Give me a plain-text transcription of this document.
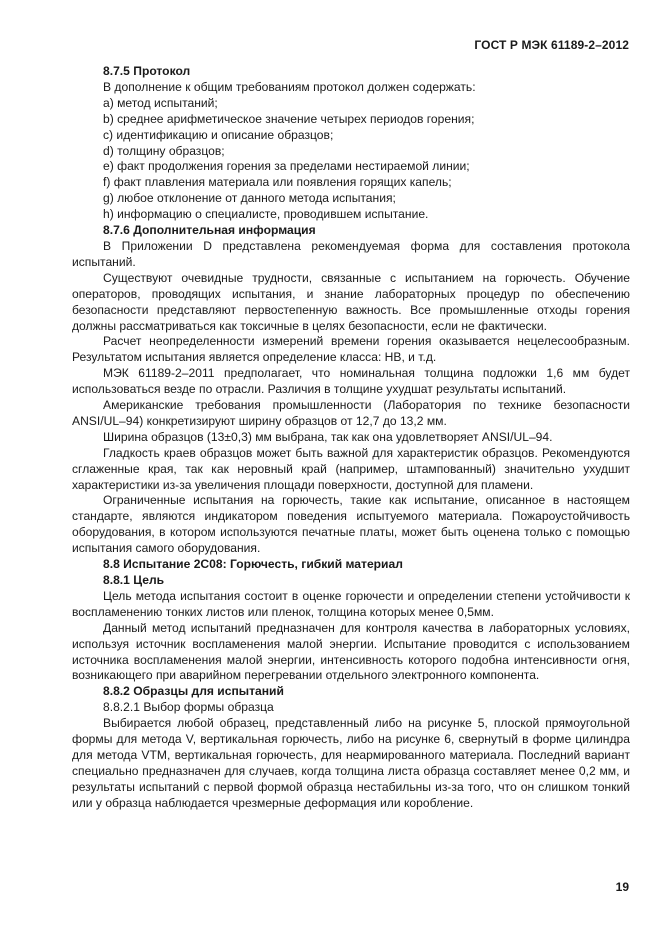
ГОСТ Р МЭК 61189-2–2012

8.7.5 Протокол

В дополнение к общим требованиям протокол должен содержать:

a) метод испытаний;

b) среднее арифметическое значение четырех периодов горения;

c) идентификацию и описание образцов;

d) толщину образцов;

e) факт продолжения горения за пределами нестираемой линии;

f) факт плавления материала или появления горящих капель;

g) любое отклонение от данного метода испытания;

h) информацию о специалисте, проводившем испытание.

8.7.6 Дополнительная информация

В Приложении D представлена рекомендуемая форма для составления протокола испытаний.

Существуют очевидные трудности, связанные с испытанием на горючесть. Обучение операторов, проводящих испытания, и знание лабораторных процедур по обеспечению безопасности представляют первостепенную важность. Все промышленные отходы горения должны рассматриваться как токсичные в целях безопасности, если не фактически.

Расчет неопределенности измерений времени горения оказывается нецелесообразным. Результатом испытания является определение класса: HB, и т.д.

МЭК 61189-2–2011 предполагает, что номинальная толщина подложки 1,6 мм будет использоваться везде по отрасли. Различия в толщине ухудшат результаты испытаний.

Американские требования промышленности (Лаборатория по технике безопасности ANSI/UL–94) конкретизируют ширину образцов от 12,7 до 13,2 мм.

Ширина образцов (13±0,3) мм выбрана, так как она удовлетворяет ANSI/UL–94.

Гладкость краев образцов может быть важной для характеристик образцов. Рекомендуются сглаженные края, так как неровный край (например, штампованный) значительно ухудшит характеристики из-за увеличения площади поверхности, доступной для пламени.

Ограниченные испытания на горючесть, такие как испытание, описанное в настоящем стандарте, являются индикатором поведения испытуемого материала. Пожароустойчивость оборудования, в котором используются печатные платы, может быть оценена только с помощью испытания самого оборудования.

8.8 Испытание 2C08: Горючесть, гибкий материал

8.8.1 Цель

Цель метода испытания состоит в оценке горючести и определении степени устойчивости к воспламенению тонких листов или пленок, толщина которых менее 0,5мм.

Данный метод испытаний предназначен для контроля качества в лабораторных условиях, используя источник воспламенения малой энергии. Испытание проводится с использованием источника воспламенения малой энергии, интенсивность которого подобна интенсивности огня, возникающего при аварийном перегревании отдельного электронного компонента.

8.8.2 Образцы для испытаний

8.8.2.1 Выбор формы образца

Выбирается любой образец, представленный либо на рисунке 5, плоской прямоугольной формы для метода V, вертикальная горючесть, либо на рисунке 6, свернутый в форме цилиндра для метода VTM, вертикальная горючесть, для неармированного материала. Последний вариант специально предназначен для случаев, когда толщина листа образца составляет менее 0,2 мм, и результаты испытаний с первой формой образца нестабильны из-за того, что он слишком тонкий или у образца наблюдается чрезмерные деформация или коробление.

19
